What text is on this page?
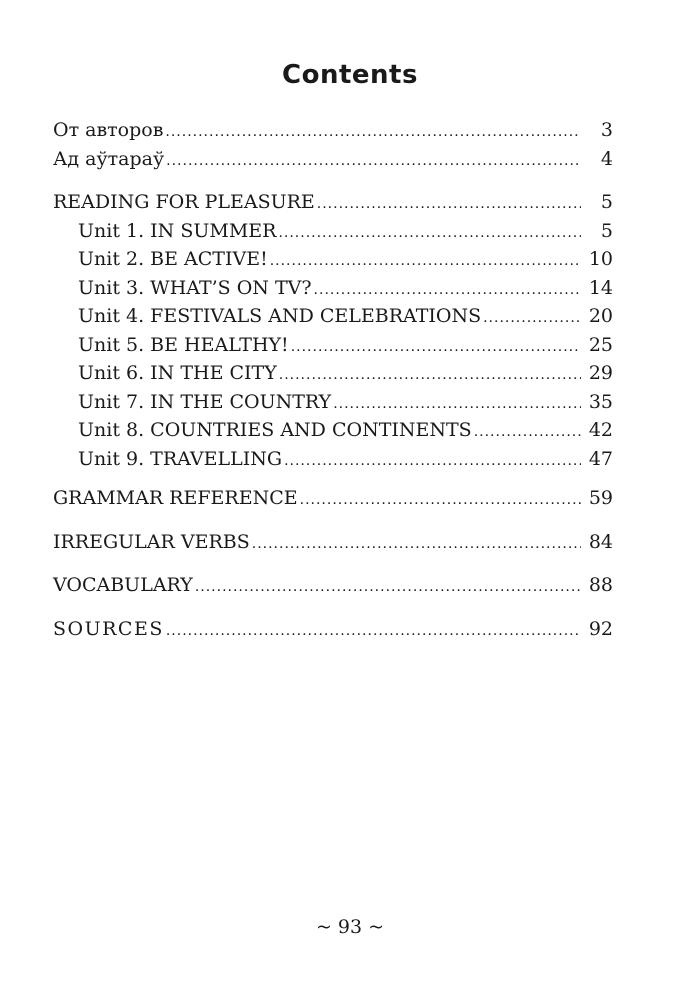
Contents
От авторов .....	3
Ад аўтараў .....	4
READING FOR PLEASURE .....	5
Unit 1. IN SUMMER .....	5
Unit 2. BE ACTIVE! .....	10
Unit 3. WHAT’S ON TV? .....	14
Unit 4. FESTIVALS AND CELEBRATIONS .....	20
Unit 5. BE HEALTHY! .....	25
Unit 6. IN THE CITY .....	29
Unit 7. IN THE COUNTRY .....	35
Unit 8. COUNTRIES AND CONTINENTS .....	42
Unit 9. TRAVELLING .....	47
GRAMMAR REFERENCE .....	59
IRREGULAR VERBS .....	84
VOCABULARY .....	88
SOURCES .....	92
~ 93 ~
